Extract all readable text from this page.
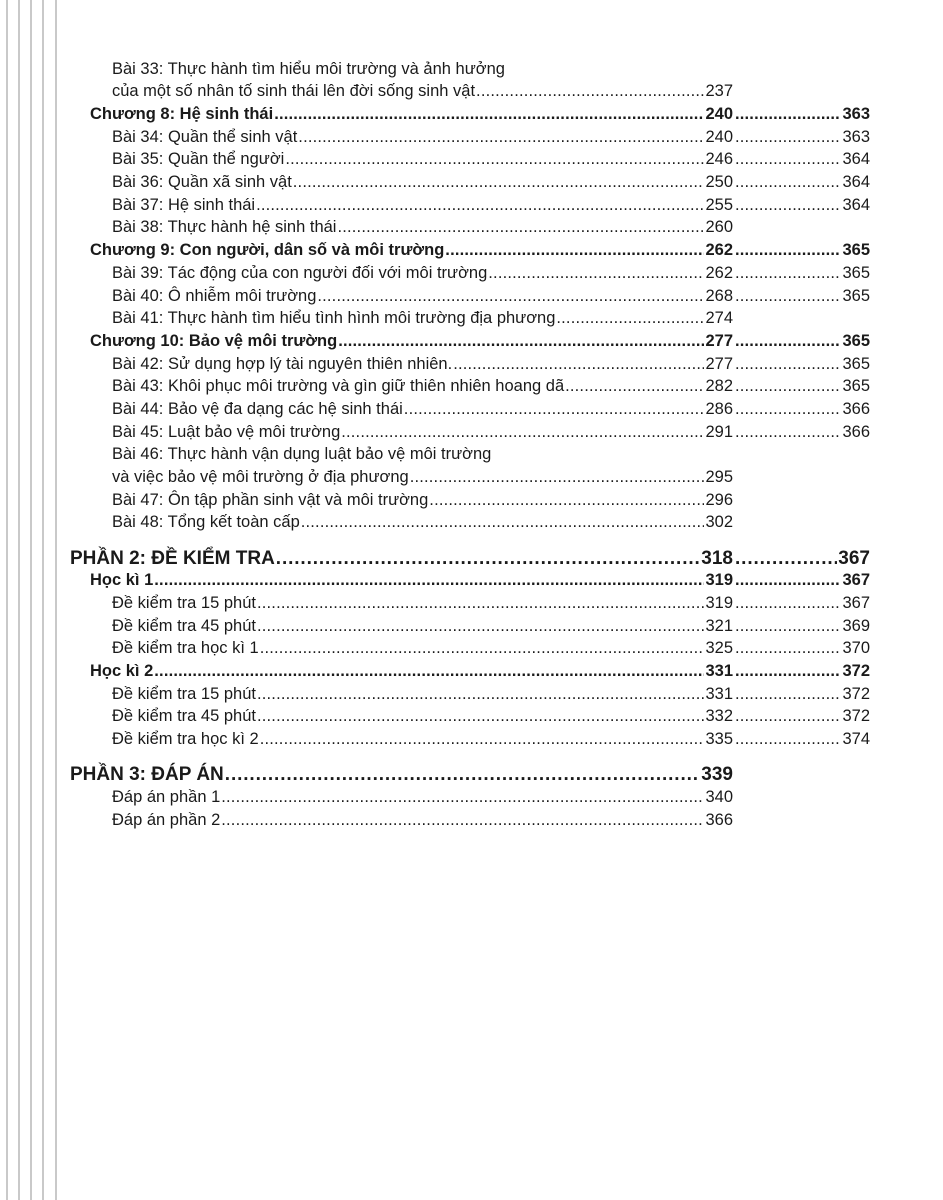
Bài 33: Thực hành tìm hiểu môi trường và ảnh hưởng
của một số nhân tố sinh thái lên đời sống sinh vật . . .	237
Chương 8: Hệ sinh thái . . .	240 . . .	363
Bài 34: Quần thể sinh vật . . .	240 . . .	363
Bài 35: Quần thể người . . .	246 . . .	364
Bài 36: Quần xã sinh vật . . .	250 . . .	364
Bài 37: Hệ sinh thái . . .	255 . . .	364
Bài 38: Thực hành hệ sinh thái . . .	260
Chương 9: Con người, dân số và môi trường . . .	262 . . .	365
Bài 39: Tác động của con người đối với môi trường . . .	262 . . .	365
Bài 40: Ô nhiễm môi trường . . .	268 . . .	365
Bài 41: Thực hành tìm hiểu tình hình môi trường địa phương . . .	274
Chương 10: Bảo vệ môi trường . . .	277 . . .	365
Bài 42: Sử dụng hợp lý tài nguyên thiên nhiên. . . .	277 . . .	365
Bài 43: Khôi phục môi trường và gìn giữ thiên nhiên hoang dã . . .	282 . . .	365
Bài 44: Bảo vệ đa dạng các hệ sinh thái . . .	286 . . .	366
Bài 45: Luật bảo vệ môi trường . . .	291 . . .	366
Bài 46: Thực hành vận dụng luật bảo vệ môi trường
và việc bảo vệ môi trường ở địa phương . . .	295
Bài 47: Ôn tập phần sinh vật và môi trường . . .	296
Bài 48: Tổng kết toàn cấp . . .	302
PHẦN 2: ĐỀ KIỂM TRA . . .	318 . . .	367
Học kì 1 . . .	319 . . .	367
Đề kiểm tra 15 phút . . .	319 . . .	367
Đề kiểm tra 45 phút . . .	321 . . .	369
Đề kiểm tra học kì 1 . . .	325 . . .	370
Học kì 2 . . .	331 . . .	372
Đề kiểm tra 15 phút . . .	331 . . .	372
Đề kiểm tra 45 phút . . .	332 . . .	372
Đề kiểm tra học kì 2 . . .	335 . . .	374
PHẦN 3: ĐÁP ÁN . . .	339
Đáp án phần 1 . . .	340
Đáp án phần 2 . . .	366
